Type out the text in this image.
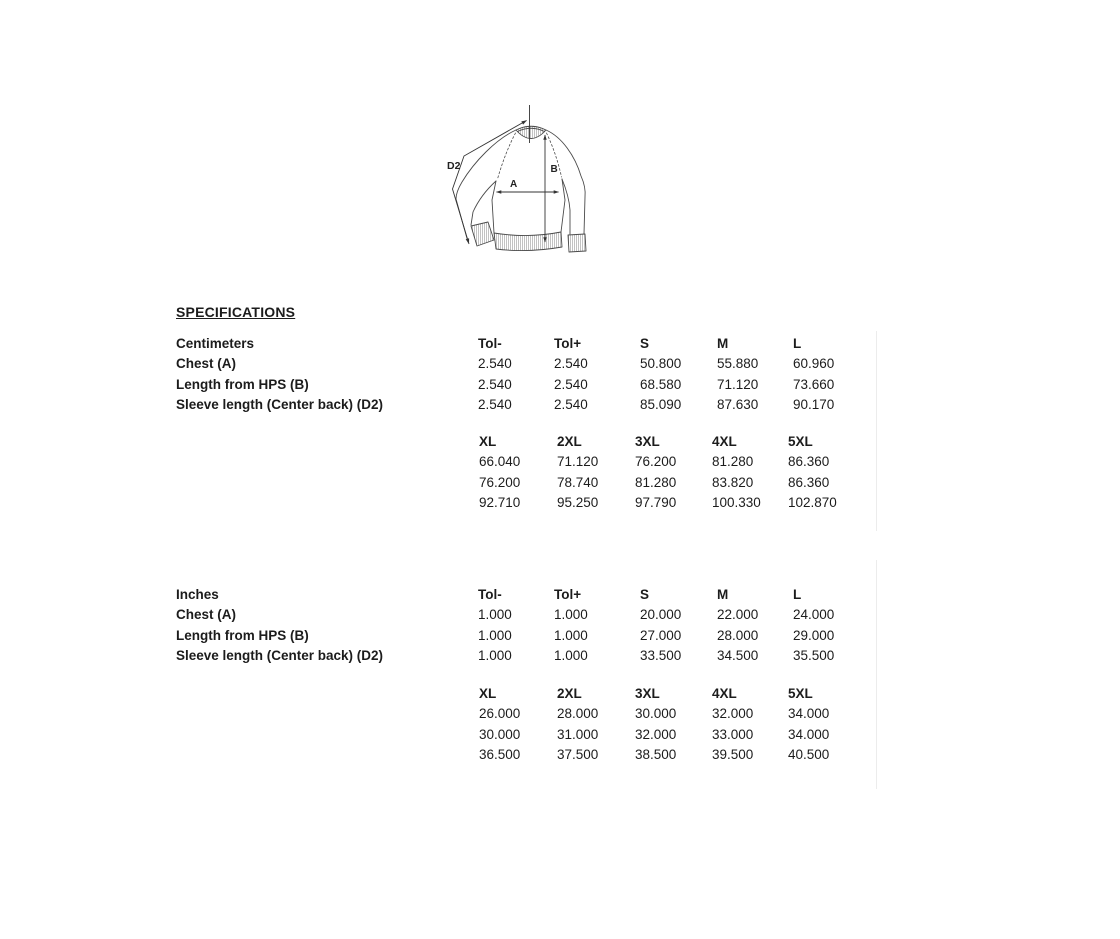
D2
A
B
SPECIFICATIONS
Centimeters	Tol-	Tol+	S	M	L
Chest (A)	2.540	2.540	50.800	55.880	60.960
Length from HPS (B)	2.540	2.540	68.580	71.120	73.660
Sleeve length (Center back) (D2)	2.540	2.540	85.090	87.630	90.170
XL	2XL	3XL	4XL	5XL
66.040	71.120	76.200	81.280	86.360
76.200	78.740	81.280	83.820	86.360
92.710	95.250	97.790	100.330	102.870
Inches	Tol-	Tol+	S	M	L
Chest (A)	1.000	1.000	20.000	22.000	24.000
Length from HPS (B)	1.000	1.000	27.000	28.000	29.000
Sleeve length (Center back) (D2)	1.000	1.000	33.500	34.500	35.500
XL	2XL	3XL	4XL	5XL
26.000	28.000	30.000	32.000	34.000
30.000	31.000	32.000	33.000	34.000
36.500	37.500	38.500	39.500	40.500
